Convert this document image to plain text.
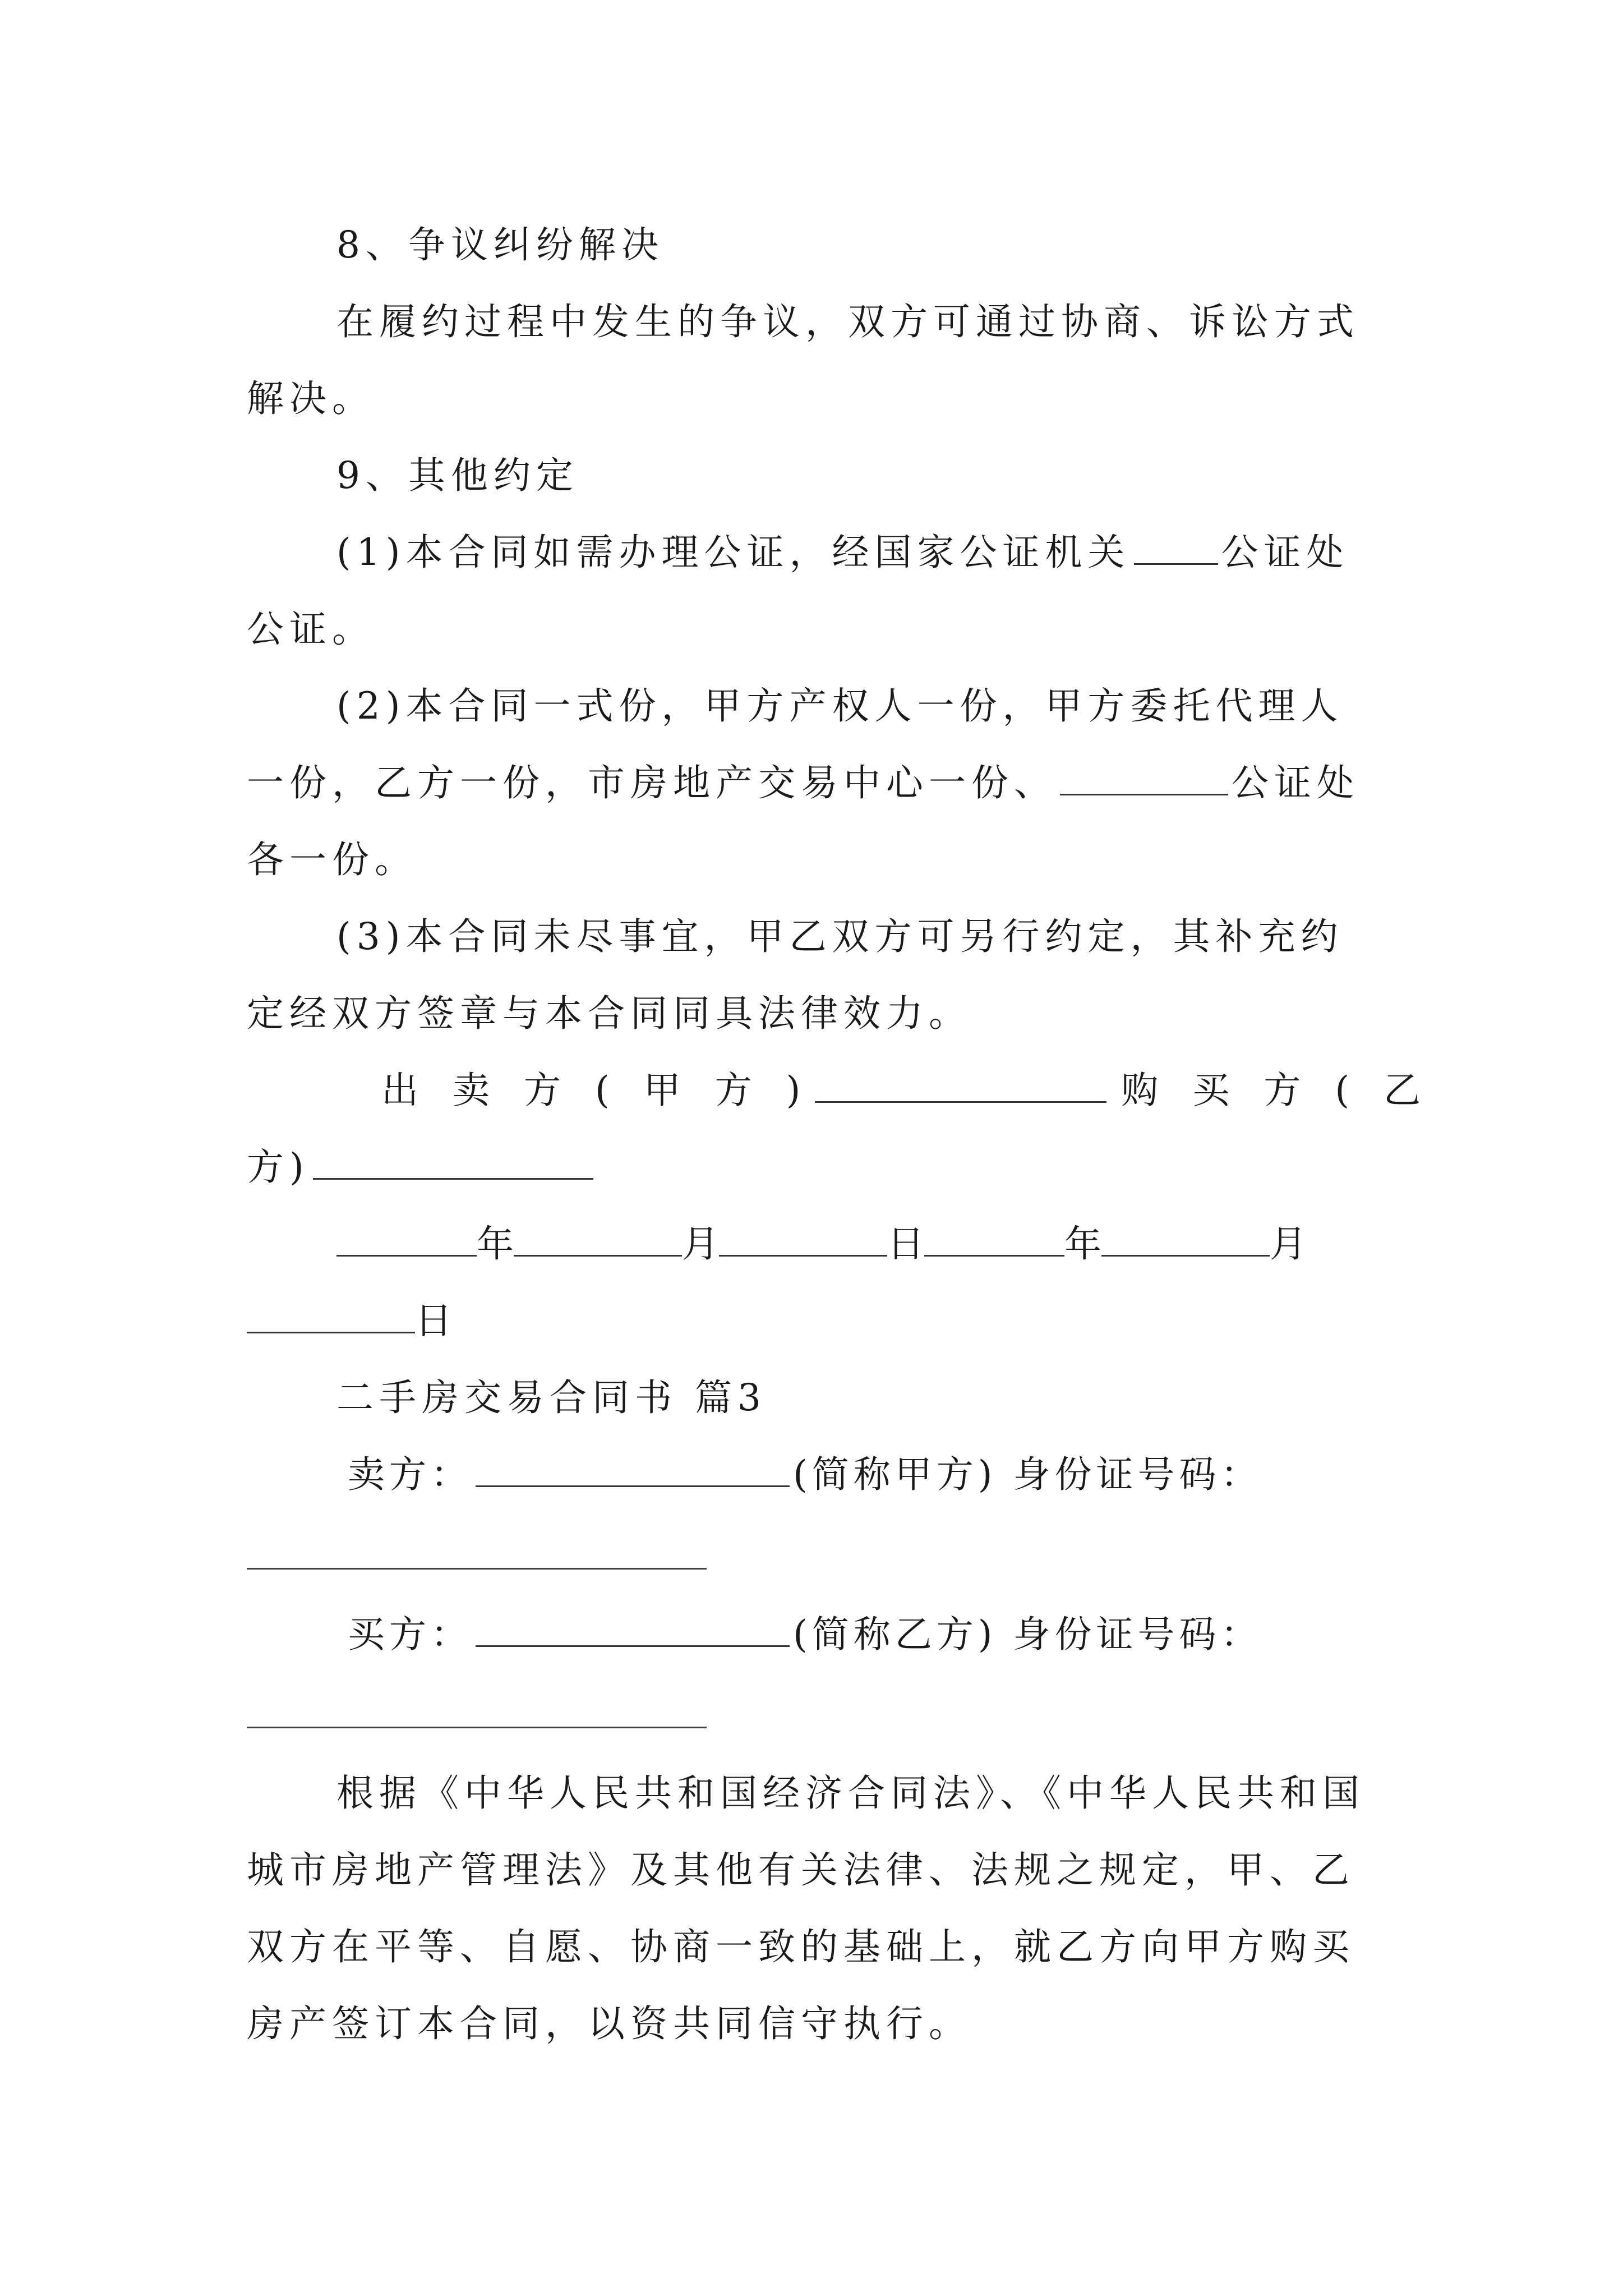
8、争议纠纷解决
在履约过程中发生的争议，双方可通过协商、诉讼方式
解决。
9、其他约定
(1)本合同如需办理公证，经国家公证机关 公证处
公证。
(2)本合同一式份，甲方产权人一份，甲方委托代理人
一份，乙方一份，市房地产交易中心一份、	公证处
各一份。
(3)本合同未尽事宜，甲乙双方可另行约定，其补充约
定经双方签章与本合同同具法律效力。
出 卖 方 ( 甲 方 )	购 买 方 ( 乙
方)
年	月	日	年	月
日
二手房交易合同书 篇3
卖方：	(简称甲方) 身份证号码：
买方：	(简称乙方) 身份证号码：
根据《中华人民共和国经济合同法》、《中华人民共和国
城市房地产管理法》及其他有关法律、法规之规定，甲、乙
双方在平等、自愿、协商一致的基础上，就乙方向甲方购买
房产签订本合同，以资共同信守执行。
